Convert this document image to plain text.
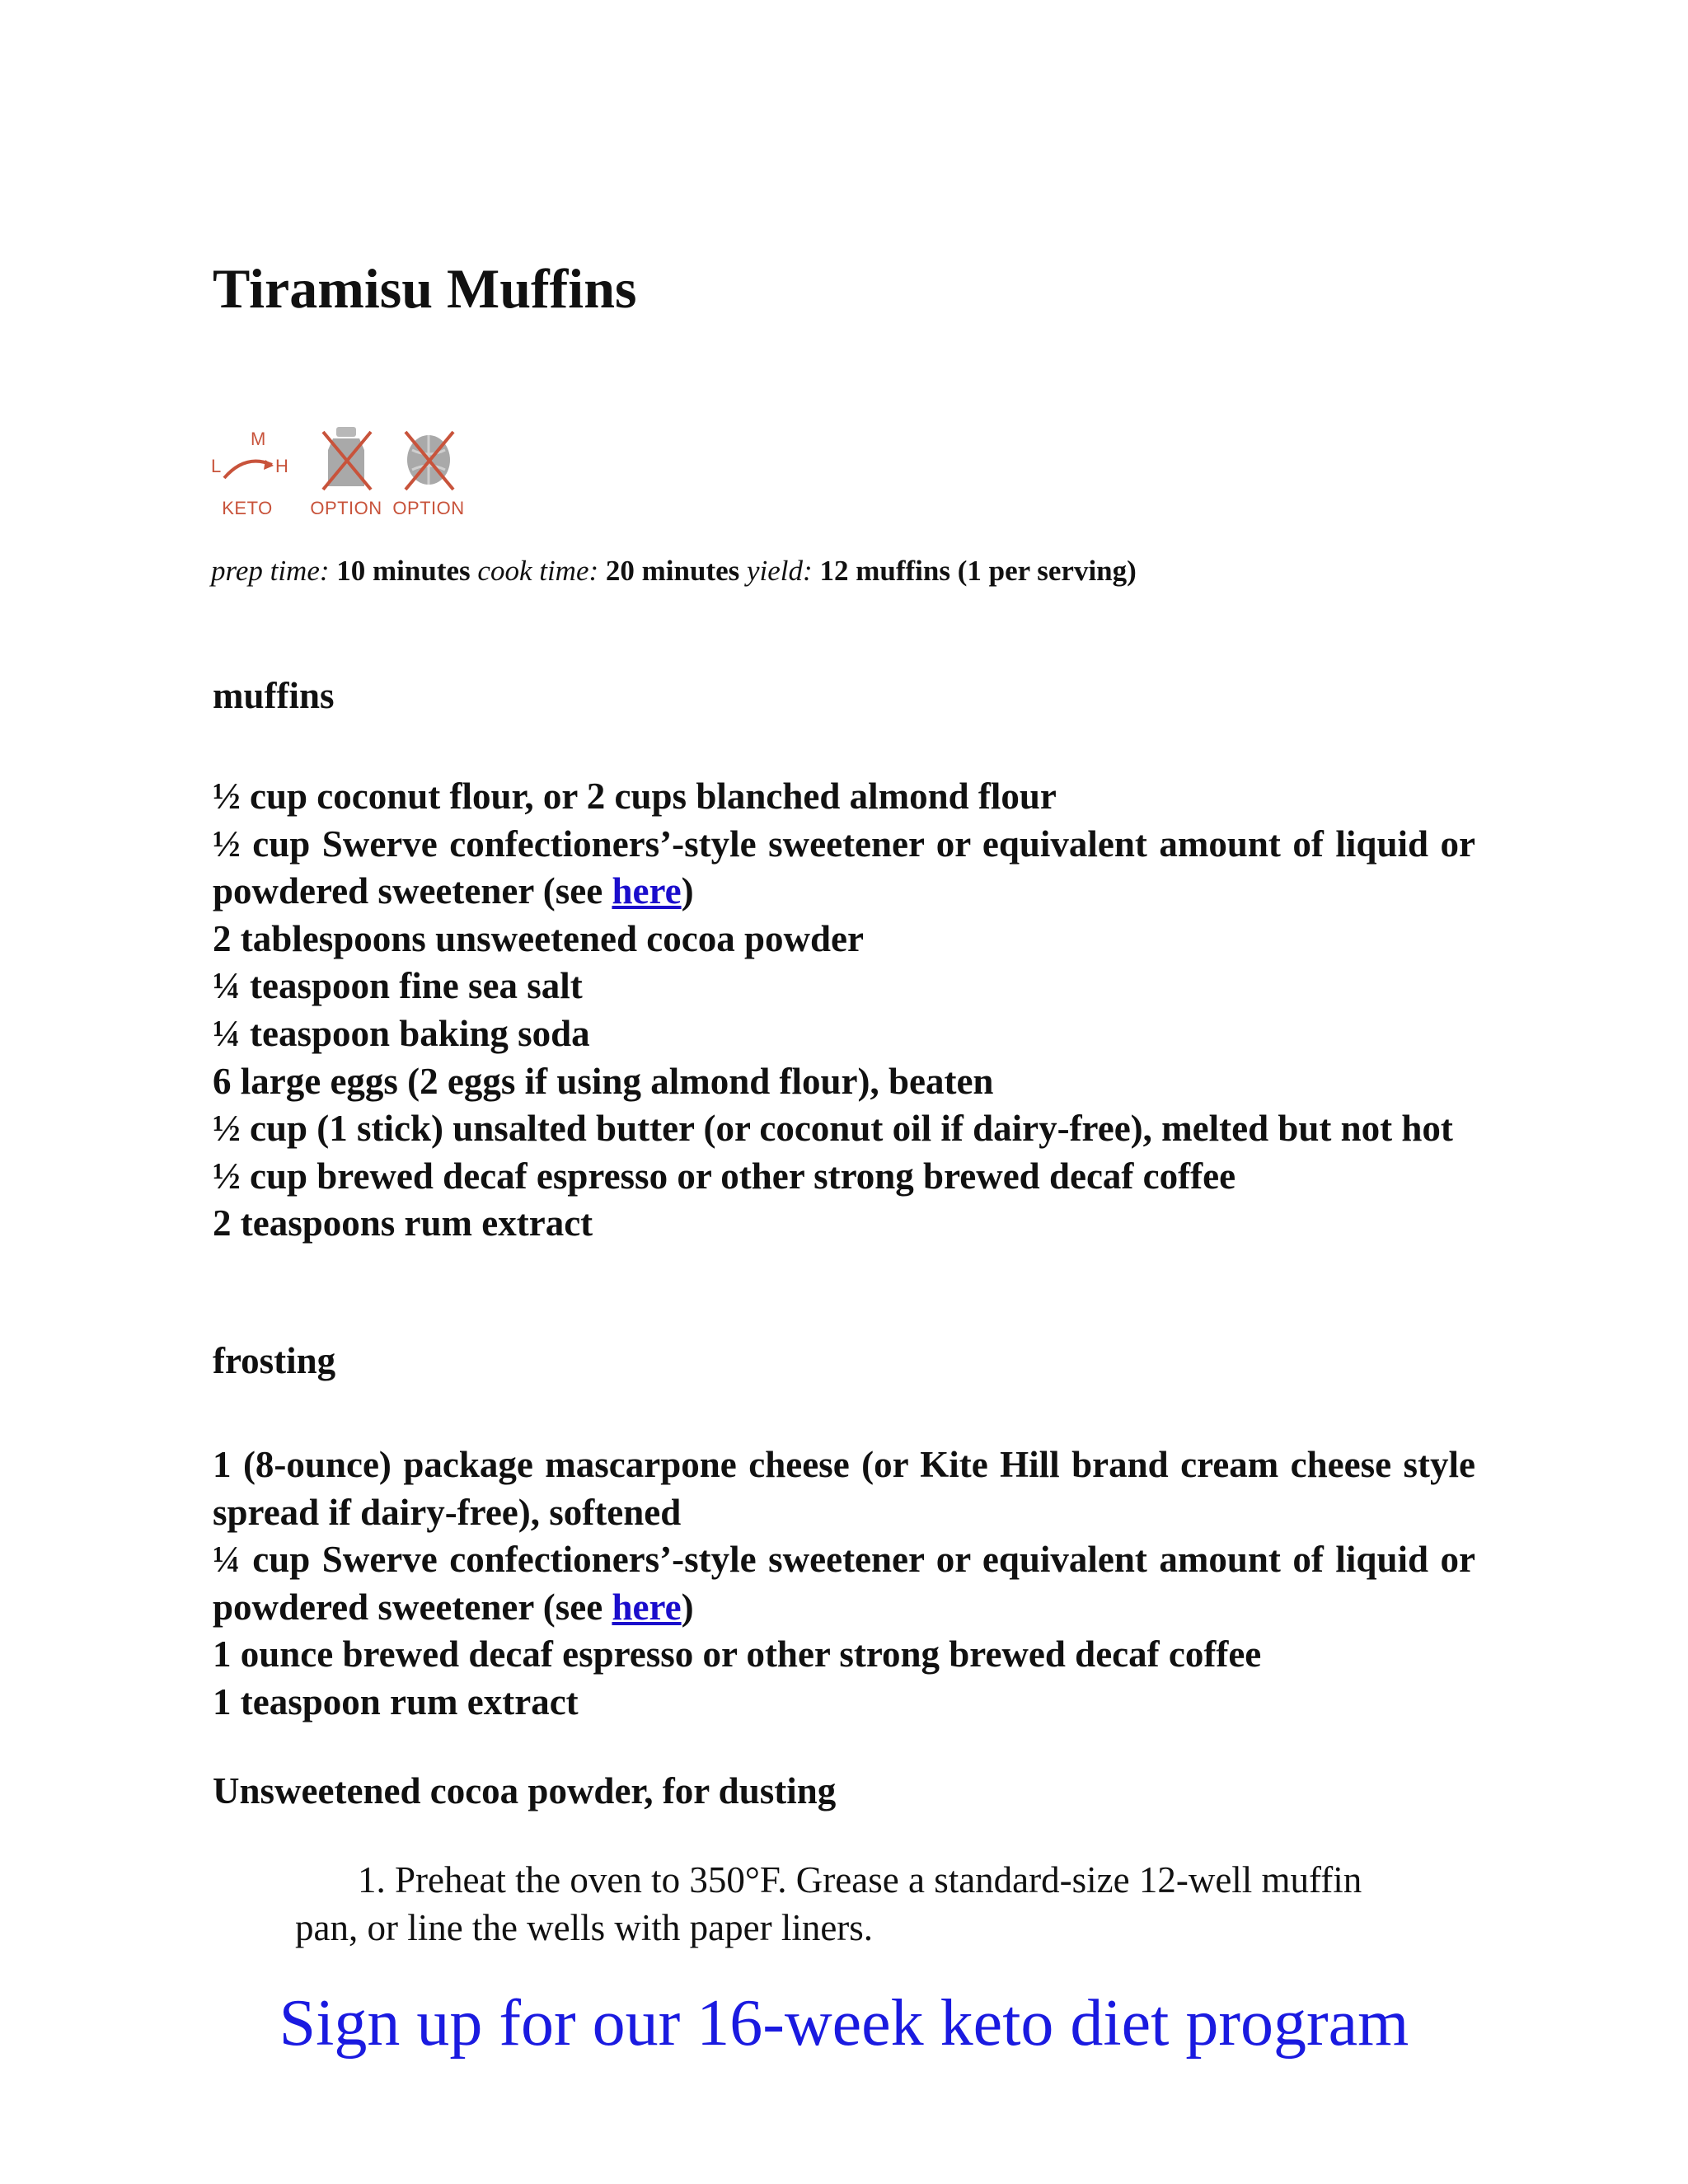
Tiramisu Muffins
M
L	H
KETO	OPTION OPTION
prep time: 10 minutes cook time: 20 minutes yield: 12 muffins (1 per serving)
muffins
½ cup coconut flour, or 2 cups blanched almond flour
½ cup Swerve confectioners’-style sweetener or equivalent amount of liquid or powdered sweetener (see here)
2 tablespoons unsweetened cocoa powder
¼ teaspoon fine sea salt
¼ teaspoon baking soda
6 large eggs (2 eggs if using almond flour), beaten
½ cup (1 stick) unsalted butter (or coconut oil if dairy-free), melted but not hot
½ cup brewed decaf espresso or other strong brewed decaf coffee
2 teaspoons rum extract
frosting
1 (8-ounce) package mascarpone cheese (or Kite Hill brand cream cheese style spread if dairy-free), softened
¼ cup Swerve confectioners’-style sweetener or equivalent amount of liquid or powdered sweetener (see here)
1 ounce brewed decaf espresso or other strong brewed decaf coffee
1 teaspoon rum extract
Unsweetened cocoa powder, for dusting

1. Preheat the oven to 350°F. Grease a standard-size 12-well muffin pan, or line the wells with paper liners.

Sign up for our 16-week keto diet program
